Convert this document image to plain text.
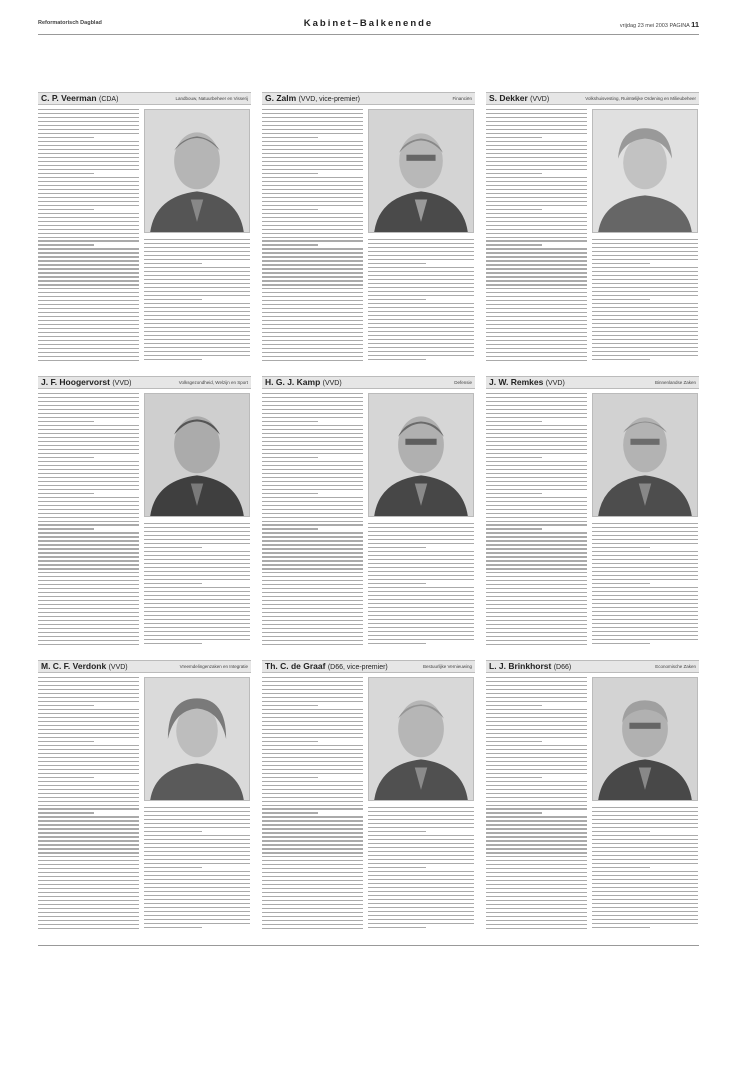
Reformatorisch Dagblad	Kabinet–Balkenende	vrijdag 23 mei 2003 PAGINA 11
C. P. Veerman (CDA)	Landbouw, Natuurbeheer en Visserij G. Zalm (VVD, vice-premier)	Financiën S. Dekker (VVD)	Volkshuisvesting, Ruimtelijke Ordening en Milieubeheer
J. F. Hoogervorst (VVD)	Volksgezondheid, Welzijn en Sport H. G. J. Kamp (VVD)	Defensie J. W. Remkes (VVD)	Binnenlandse Zaken
M. C. F. Verdonk (VVD)	Vreemdelingenzaken en Integratie Th. C. de Graaf (D66, vice-premier)	Bestuurlijke Vernieuwing L. J. Brinkhorst (D66)	Economische Zaken
